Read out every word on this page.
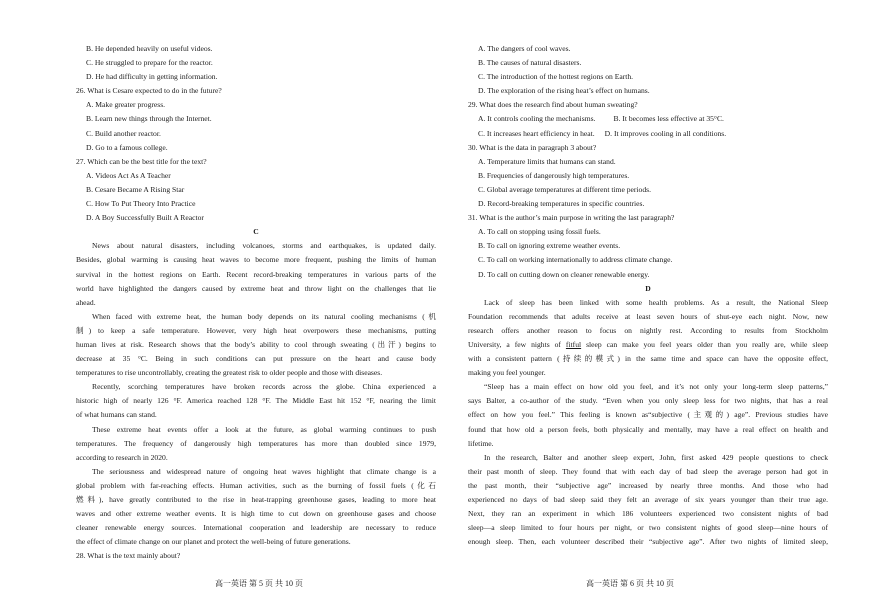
B. He depended heavily on useful videos.
C. He struggled to prepare for the reactor.
D. He had difficulty in getting information.
26. What is Cesare expected to do in the future?
A. Make greater progress.
B. Learn new things through the Internet.
C. Build another reactor.
D. Go to a famous college.
27. Which can be the best title for the text?
A. Videos Act As A Teacher
B. Cesare Became A Rising Star
C. How To Put Theory Into Practice
D. A Boy Successfully Built A Reactor
C
News about natural disasters, including volcanoes, storms and earthquakes, is updated daily.
Besides, global warming is causing heat waves to become more frequent, pushing the limits of human
survival in the hottest regions on Earth. Recent record-breaking temperatures in various parts of the
world have highlighted the dangers caused by extreme heat and throw light on the challenges that lie
ahead.
When faced with extreme heat, the human body depends on its natural cooling mechanisms (机
制) to keep a safe temperature. However, very high heat overpowers these mechanisms, putting
human lives at risk. Research shows that the body’s ability to cool through sweating (出汗) begins to
decrease at 35 °C. Being in such conditions can put pressure on the heart and cause body
temperatures to rise uncontrollably, creating the greatest risk to older people and those with diseases.
Recently, scorching temperatures have broken records across the globe. China experienced a
historic high of nearly 126 °F. America reached 128 °F. The Middle East hit 152 °F, nearing the limit
of what humans can stand.
These extreme heat events offer a look at the future, as global warming continues to push
temperatures. The frequency of dangerously high temperatures has more than doubled since 1979,
according to research in 2020.
The seriousness and widespread nature of ongoing heat waves highlight that climate change is a
global problem with far-reaching effects. Human activities, such as the burning of fossil fuels (化石
燃料), have greatly contributed to the rise in heat-trapping greenhouse gases, leading to more heat
waves and other extreme weather events. It is high time to cut down on greenhouse gases and choose
cleaner renewable energy sources. International cooperation and leadership are necessary to reduce
the effect of climate change on our planet and protect the well-being of future generations.
28. What is the text mainly about?
高一英语 第 5 页 共 10 页
A. The dangers of cool waves.
B. The causes of natural disasters.
C. The introduction of the hottest regions on Earth.
D. The exploration of the rising heat’s effect on humans.
29. What does the research find about human sweating?
A. It controls cooling the mechanisms. B. It becomes less effective at 35°C.
C. It increases heart efficiency in heat. D. It improves cooling in all conditions.
30. What is the data in paragraph 3 about?
A. Temperature limits that humans can stand.
B. Frequencies of dangerously high temperatures.
C. Global average temperatures at different time periods.
D. Record-breaking temperatures in specific countries.
31. What is the author’s main purpose in writing the last paragraph?
A. To call on stopping using fossil fuels.
B. To call on ignoring extreme weather events.
C. To call on working internationally to address climate change.
D. To call on cutting down on cleaner renewable energy.
D
Lack of sleep has been linked with some health problems. As a result, the National Sleep
Foundation recommends that adults receive at least seven hours of shut-eye each night. Now, new
research offers another reason to focus on nightly rest. According to results from Stockholm
University, a few nights of fitful sleep can make you feel years older than you really are, while sleep
with a consistent pattern (持续的模式) in the same time and space can have the opposite effect,
making you feel younger.
“Sleep has a main effect on how old you feel, and it’s not only your long-term sleep patterns,”
says Balter, a co-author of the study. “Even when you only sleep less for two nights, that has a real
effect on how you feel.” This feeling is known as“subjective (主观的) age”. Previous studies have
found that how old a person feels, both physically and mentally, may have a real effect on health and
lifetime.
In the research, Balter and another sleep expert, John, first asked 429 people questions to check
their past month of sleep. They found that with each day of bad sleep the average person had got in
the past month, their “subjective age” increased by nearly three months. And those who had
experienced no days of bad sleep said they felt an average of six years younger than their true age.
Next, they ran an experiment in which 186 volunteers experienced two consistent nights of bad
sleep—a sleep limited to four hours per night, or two consistent nights of good sleep—nine hours of
enough sleep. Then, each volunteer described their “subjective age”. After two nights of limited sleep,
高一英语 第 6 页 共 10 页
